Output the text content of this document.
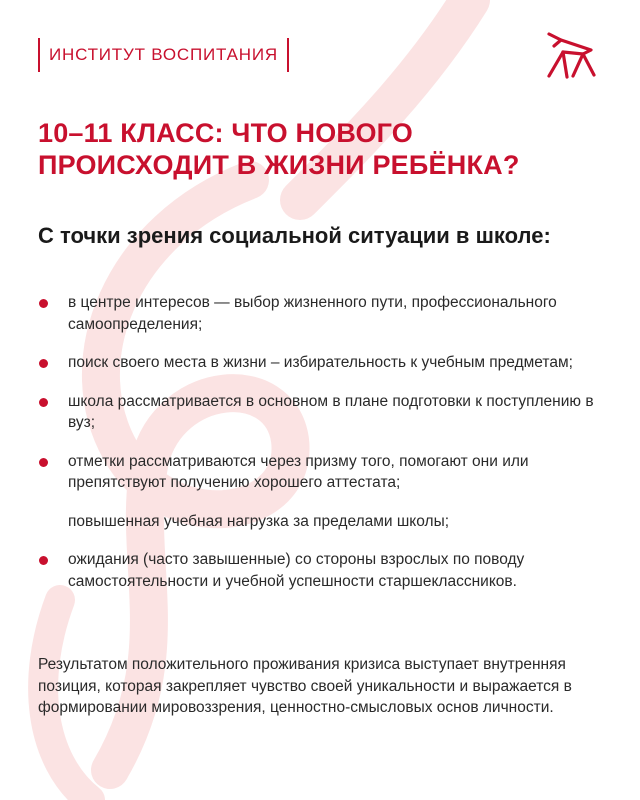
ИНСТИТУТ ВОСПИТАНИЯ
10–11 КЛАСС: ЧТО НОВОГО ПРОИСХОДИТ В ЖИЗНИ РЕБЁНКА?
С точки зрения социальной ситуации в школе:
в центре интересов — выбор жизненного пути, профессионального самоопределения;
поиск своего места в жизни – избирательность к учебным предметам;
школа рассматривается в основном в плане подготовки к поступлению в вуз;
отметки рассматриваются через призму того, помогают они или препятствуют получению хорошего аттестата;
повышенная учебная нагрузка за пределами школы;
ожидания (часто завышенные) со стороны взрослых по поводу самостоятельности и учебной успешности старшеклассников.

Результатом положительного проживания кризиса выступает внутренняя позиция, которая закрепляет чувство своей уникальности и выражается в формировании мировоззрения, ценностно-смысловых основ личности.
